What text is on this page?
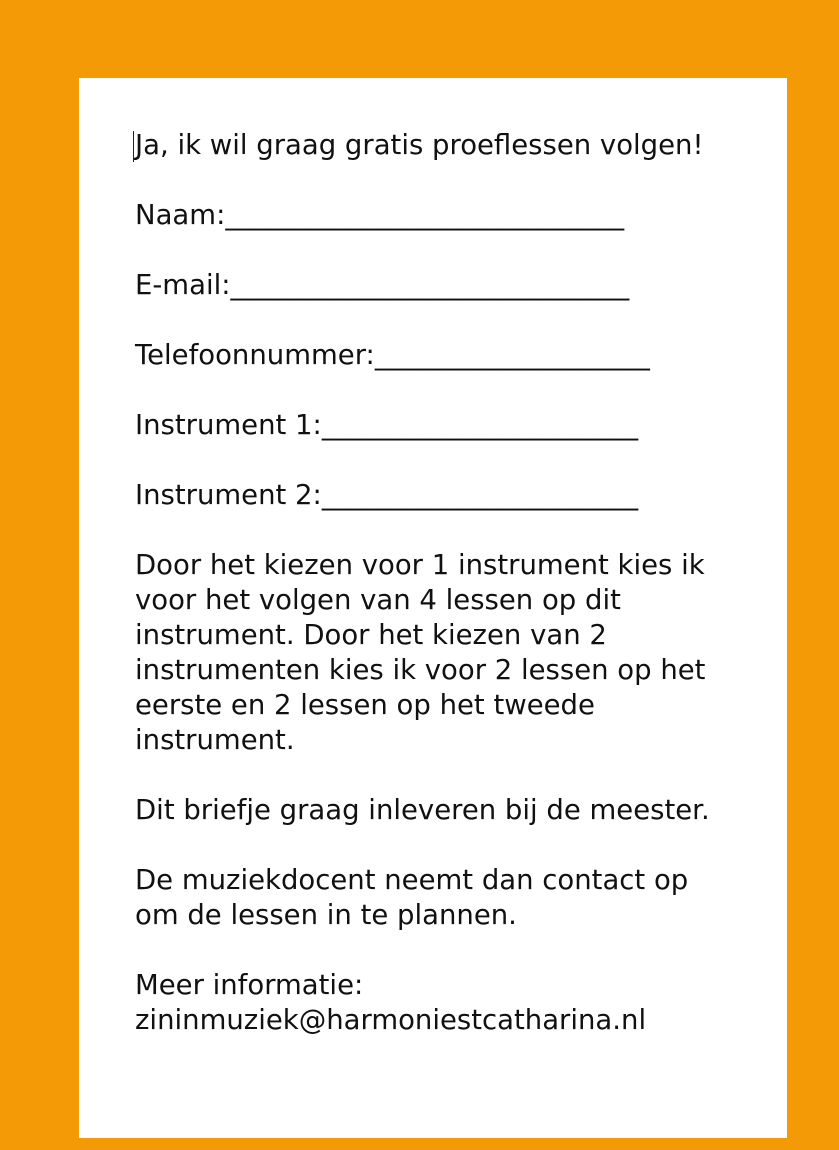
Ja, ik wil graag gratis proeflessen volgen!
Naam:_____________________________
E-mail:_____________________________
Telefoonnummer:____________________
Instrument 1:_______________________
Instrument 2:_______________________
Door het kiezen voor 1 instrument kies ik
voor het volgen van 4 lessen op dit
instrument. Door het kiezen van 2
instrumenten kies ik voor 2 lessen op het
eerste en 2 lessen op het tweede
instrument.
Dit briefje graag inleveren bij de meester.
De muziekdocent neemt dan contact op
om de lessen in te plannen.
Meer informatie:
zininmuziek@harmoniestcatharina.nl
